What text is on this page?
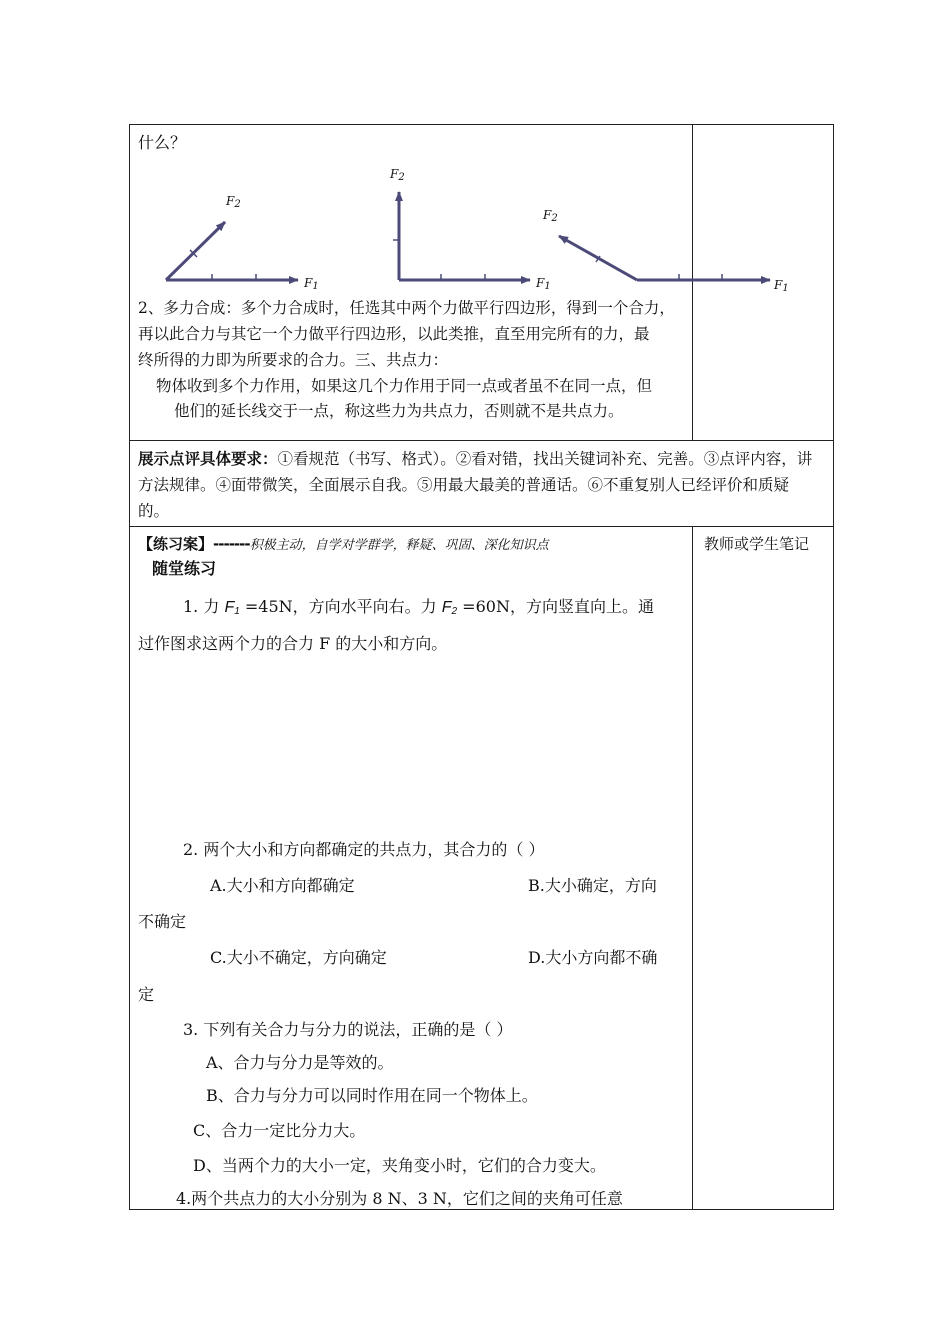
什么？
$F_2$
$F_1$
$F_2$
$F_1$
$F_2$
$F_1$
2、多力合成：多个力合成时，任选其中两个力做平行四边形，得到一个合力，
再以此合力与其它一个力做平行四边形，以此类推，直至用完所有的力，最
终所得的力即为所要求的合力。三、共点力：
物体收到多个力作用，如果这几个力作用于同一点或者虽不在同一点，但
他们的延长线交于一点，称这些力为共点力，否则就不是共点力。
展示点评具体要求：①看规范（书写、格式）。②看对错，找出关键词补充、完善。③点评内容，讲
方法规律。④面带微笑，全面展示自我。⑤用最大最美的普通话。⑥不重复别人已经评价和质疑
的。
【练习案】-------积极主动，自学对学群学，释疑、巩固、深化知识点	教师或学生笔记
随堂练习
1. 力 $F_1 =45N$，方向水平向右。力 $F_2 =60N$，方向竖直向上。通
过作图求这两个力的合力 F 的大小和方向。
2. 两个大小和方向都确定的共点力，其合力的（ ）
A.大小和方向都确定	B.大小确定，方向
不确定
C.大小不确定，方向确定	D.大小方向都不确
定
3. 下列有关合力与分力的说法，正确的是（ ）
A、合力与分力是等效的。
B、合力与分力可以同时作用在同一个物体上。
C、合力一定比分力大。
D、当两个力的大小一定，夹角变小时，它们的合力变大。
4.两个共点力的大小分别为 8 N、3 N，它们之间的夹角可任意
